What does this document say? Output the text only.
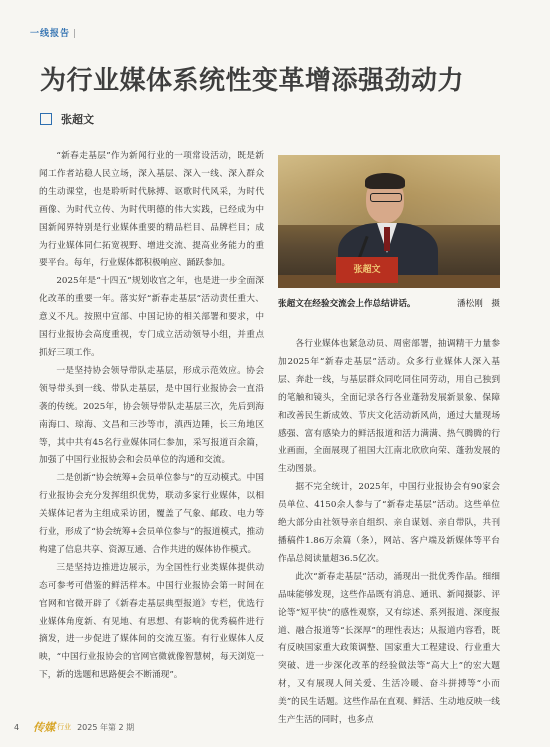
一线报告 |
为行业媒体系统性变革增添强劲动力
张超文

“新春走基层”作为新闻行业的一项常设活动，既是新闻工作者站稳人民立场，深入基层、深入一线、深入群众的生动课堂，也是聆听时代脉搏、讴歌时代风采，为时代画像、为时代立传、为时代明德的伟大实践，已经成为中国新闻界特别是行业媒体重要的精品栏目、品牌栏目；成为行业媒体同仁拓宽视野、增进交流、提高业务能力的重要平台。每年，行业媒体都积极响应、踊跃参加。

2025年是“十四五”规划收官之年，也是进一步全面深化改革的重要一年。落实好“新春走基层”活动责任重大、意义不凡。按照中宣部、中国记协的相关部署和要求，中国行业报协会高度重视，专门成立活动领导小组，并重点抓好三项工作。

一是坚持协会领导带队走基层，形成示范效应。协会领导带头到一线、带队走基层，是中国行业报协会一直沿袭的传统。2025年，协会领导带队走基层三次，先后到海南海口、琼海、文昌和三沙等市，滇西边陲，长三角地区等，其中共有45名行业媒体同仁参加，采写报道百余篇，加强了中国行业报协会和会员单位的沟通和交流。

二是创新“协会统筹+会员单位参与”的互动模式。中国行业报协会充分发挥组织优势，联动多家行业媒体，以相关媒体记者为主组成采访团，覆盖了气象、邮政、电力等行业，形成了“协会统筹+会员单位参与”的报道模式，推动构建了信息共享、资源互通、合作共进的媒体协作模式。

三是坚持边推进边展示，为全国性行业类媒体提供动态可参考可借鉴的鲜活样本。中国行业报协会第一时间在官网和官微开辟了《新春走基层典型报道》专栏，优选行业媒体角度新、有见地、有思想、有影响的优秀稿件进行摘发，进一步促进了媒体间的交流互鉴。有行业媒体人反映，“中国行业报协会的官网官微就像智慧树，每天浏览一下，新的选题和思路便会不断涌现”。

张超文
张超文在经验交流会上作总结讲话。	潘松刚　摄

各行业媒体也紧急动员、周密部署，抽调精干力量参加2025年“新春走基层”活动。众多行业媒体人深入基层、奔赴一线，与基层群众同吃同住同劳动，用自己独到的笔触和镜头，全面记录各行各业蓬勃发展新景象、保障和改善民生新成效、节庆文化活动新风尚，通过大量现场感强、富有感染力的鲜活报道和活力满满、热气腾腾的行业画面，全面展现了祖国大江南北欣欣向荣、蓬勃发展的生动图景。

据不完全统计，2025年，中国行业报协会有90家会员单位、4150余人参与了“新春走基层”活动。这些单位绝大部分由社领导亲自组织、亲自谋划、亲自带队，共刊播稿件1.86万余篇（条），网站、客户端及新媒体等平台作品总阅读量超36.5亿次。

此次“新春走基层”活动，涌现出一批优秀作品。细细品味能够发现，这些作品既有消息、通讯、新闻摄影、评论等“短平快”的感性观察，又有综述、系列报道、深度报道、融合报道等“长深厚”的理性表达；从报道内容看，既有反映国家重大政策调整、国家重大工程建设、行业重大突破、进一步深化改革的经验做法等“高大上”的宏大题材，又有展现人间关爱、生活冷暖、奋斗拼搏等“小而美”的民生话题。这些作品在直观、鲜活、生动地反映一线生产生活的同时，也多点

4 传媒 行业 2025 年第 2 期
